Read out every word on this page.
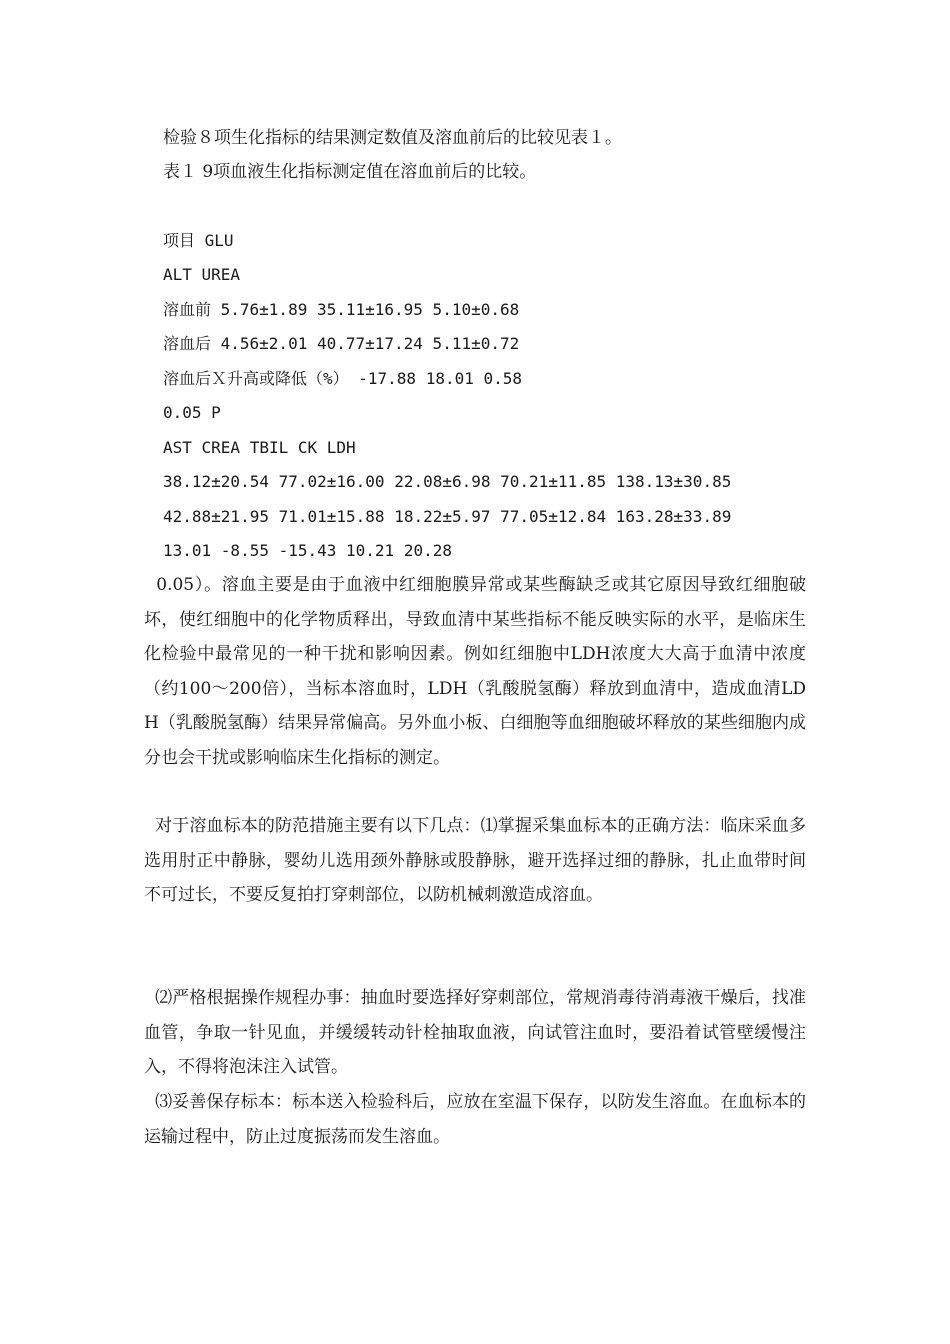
检验８项生化指标的结果测定数值及溶血前后的比较见表１。
表１ 9项血液生化指标测定值在溶血前后的比较。
项目 GLU
ALT UREA
溶血前 5.76±1.89 35.11±16.95 5.10±0.68
溶血后 4.56±2.01 40.77±17.24 5.11±0.72
溶血后Ｘ升高或降低（%） -17.88 18.01 0.58
0.05 P
AST CREA TBIL CK LDH
38.12±20.54 77.02±16.00 22.08±6.98 70.21±11.85 138.13±30.85
42.88±21.95 71.01±15.88 18.22±5.97 77.05±12.84 163.28±33.89
13.01 -8.55 -15.43 10.21 20.28
0.05）。溶血主要是由于血液中红细胞膜异常或某些酶缺乏或其它原因导致红细胞破坏，使红细胞中的化学物质释出，导致血清中某些指标不能反映实际的水平，是临床生化检验中最常见的一种干扰和影响因素。例如红细胞中LDH浓度大大高于血清中浓度（约100～200倍），当标本溶血时，LDH（乳酸脱氢酶）释放到血清中，造成血清LDH（乳酸脱氢酶）结果异常偏高。另外血小板、白细胞等血细胞破坏释放的某些细胞内成分也会干扰或影响临床生化指标的测定。
对于溶血标本的防范措施主要有以下几点：⑴掌握采集血标本的正确方法：临床采血多选用肘正中静脉，婴幼儿选用颈外静脉或股静脉，避开选择过细的静脉，扎止血带时间不可过长，不要反复拍打穿刺部位，以防机械刺激造成溶血。
⑵严格根据操作规程办事：抽血时要选择好穿刺部位，常规消毒待消毒液干燥后，找准血管，争取一针见血，并缓缓转动针栓抽取血液，向试管注血时，要沿着试管壁缓慢注入，不得将泡沫注入试管。
⑶妥善保存标本：标本送入检验科后，应放在室温下保存，以防发生溶血。在血标本的运输过程中，防止过度振荡而发生溶血。
